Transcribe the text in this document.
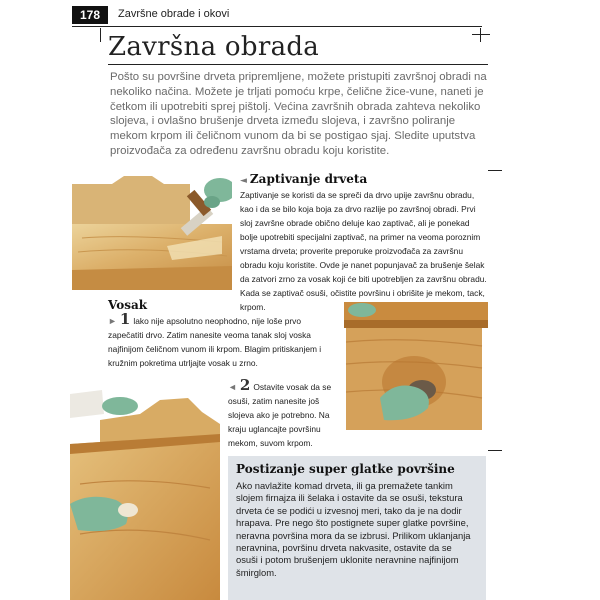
178	Završne obrade i okovi
Završna obrada
Pošto su površine drveta pripremljene, možete pristupiti završnoj obradi na nekoliko načina. Možete je trljati pomoću krpe, čelične žice-vune, naneti je četkom ili upotrebiti sprej pištolj. Većina završnih obrada zahteva nekoliko slojeva, i ovlašno brušenje drveta između slojeva, i završno poliranje mekom krpom ili čeličnom vunom da bi se postigao sjaj. Sledite uputstva proizvođača za određenu završnu obradu koju koristite.
◄ Zaptivanje drveta
Zaptivanje se koristi da se spreči da drvo upije završnu obradu, kao i da se bilo koja boja za drvo razlije po završnoj obradi. Prvi sloj završne obrade obično deluje kao zaptivač, ali je ponekad bolje upotrebiti specijalni zaptivač, na primer na veoma poroznim vrstama drveta; proverite preporuke proizvođača za završnu obradu koju koristite. Ovde je nanet popunjavač za brušenje šelak da zatvori zrno za vosak koji će biti upotrebljen za završnu obradu. Kada se zaptivač osuši, očistite površinu i obrišite je mekom, tack, krpom.
Vosak
► 1 lako nije apsolutno neophodno, nije loše prvo zapečatiti drvo. Zatim nanesite veoma tanak sloj voska najfinijom čeličnom vunom ili krpom. Blagim pritiskanjem i kružnim pokretima utrljajte vosak u zrno.
◄ 2 Ostavite vosak da se osuši, zatim nanesite još slojeva ako je potrebno. Na kraju uglancajte površinu mekom, suvom krpom.
Postizanje super glatke površine
Ako navlažite komad drveta, ili ga premažete tankim slojem firnajza ili šelaka i ostavite da se osuši, tekstura drveta će se podići u izvesnoj meri, tako da je na dodir hrapava. Pre nego što postignete super glatke površine, neravna površina mora da se izbrusi. Prilikom uklanjanja neravnina, površinu drveta nakvasite, ostavite da se osuši i potom brušenjem uklonite neravnine najfinijom šmirglom.
